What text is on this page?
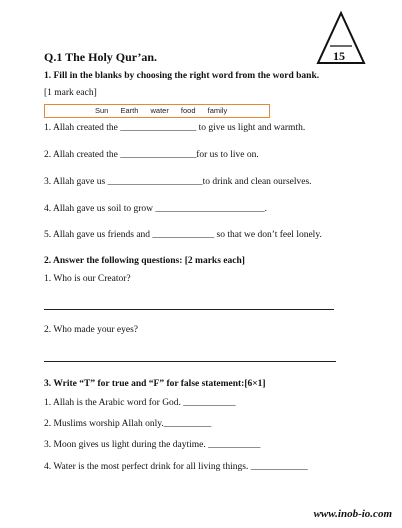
15
Q.1 The Holy Qur’an.
1. Fill in the blanks by choosing the right word from the word bank.
[1 mark each]
Sun Earth water food family
1. Allah created the ________________ to give us light and warmth.
2. Allah created the ________________for us to live on.
3. Allah gave us ____________________to drink and clean ourselves.
4. Allah gave us soil to grow _______________________.
5. Allah gave us friends and _____________ so that we don’t feel lonely.
2. Answer the following questions: [2 marks each]
1. Who is our Creator?
2. Who made your eyes?
3. Write “T” for true and “F” for false statement:[6×1]
1. Allah is the Arabic word for God. ___________
2. Muslims worship Allah only.__________
3. Moon gives us light during the daytime. ___________
4. Water is the most perfect drink for all living things. ____________
www.inob-io.com
